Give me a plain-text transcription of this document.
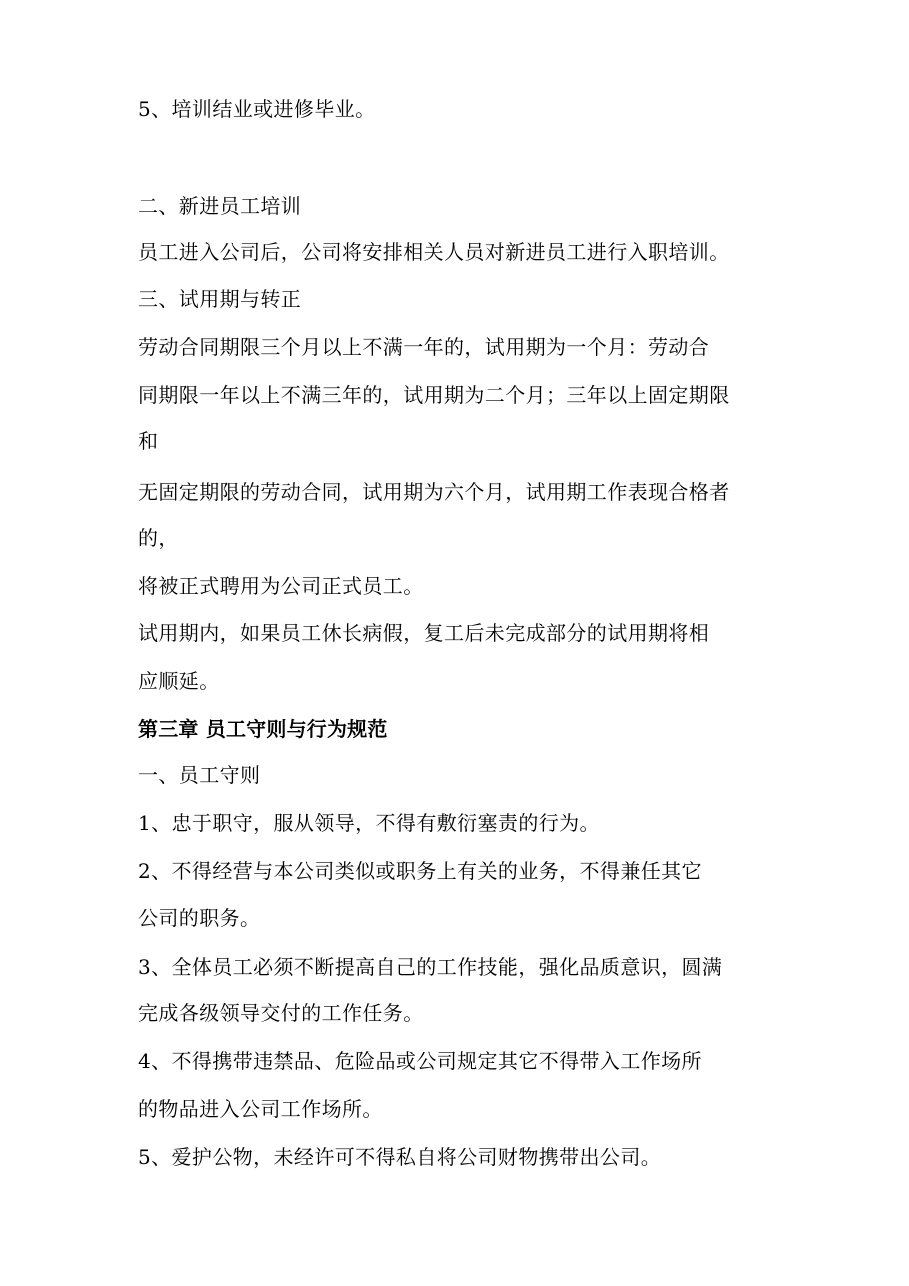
5、培训结业或进修毕业。
二、新进员工培训
员工进入公司后，公司将安排相关人员对新进员工进行入职培训。
三、试用期与转正
劳动合同期限三个月以上不满一年的，试用期为一个月：劳动合
同期限一年以上不满三年的，试用期为二个月；三年以上固定期限
和
无固定期限的劳动合同，试用期为六个月，试用期工作表现合格者
的，
将被正式聘用为公司正式员工。
试用期内，如果员工休长病假，复工后未完成部分的试用期将相
应顺延。
第三章 员工守则与行为规范
一、员工守则
1、忠于职守，服从领导，不得有敷衍塞责的行为。
2、不得经营与本公司类似或职务上有关的业务，不得兼任其它
公司的职务。
3、全体员工必须不断提高自己的工作技能，强化品质意识，圆满
完成各级领导交付的工作任务。
4、不得携带违禁品、危险品或公司规定其它不得带入工作场所
的物品进入公司工作场所。
5、爱护公物，未经许可不得私自将公司财物携带出公司。
